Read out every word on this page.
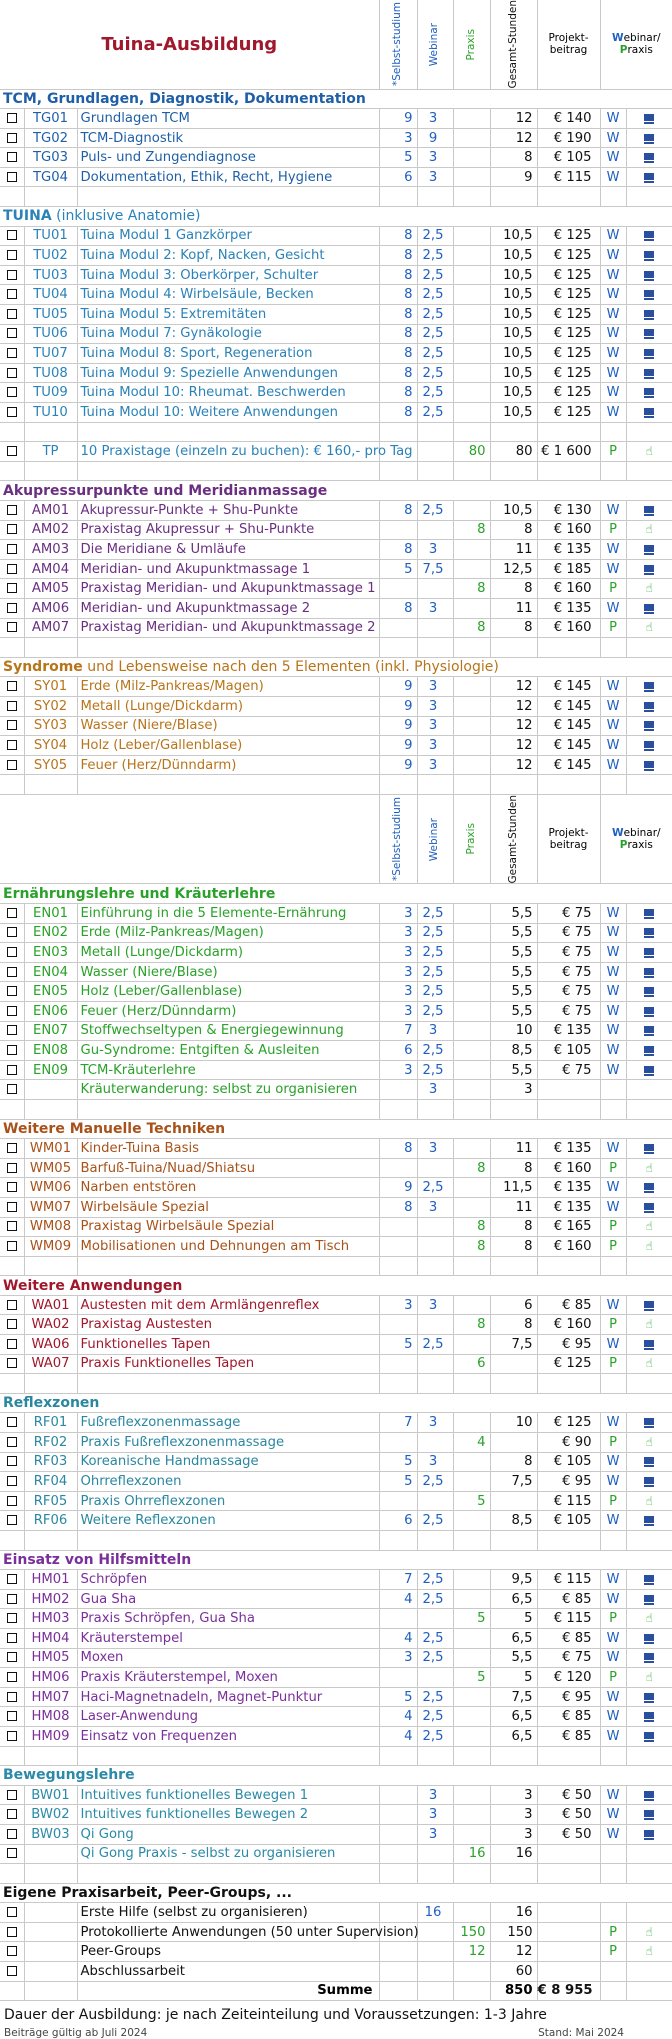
Tuina-Ausbildung			*Selbst-studium	Webinar	Praxis	Gesamt-Stunden	Projekt-
beitrag	Webinar/
Praxis	
TCM, Grundlagen, Diagnostik, Dokumentation									
	TG01	Grundlagen TCM	9	3		12	€ 140	W	
	TG02	TCM-Diagnostik	3	9		12	€ 190	W	
	TG03	Puls- und Zungendiagnose	5	3		8	€ 105	W	
	TG04	Dokumentation, Ethik, Recht, Hygiene	6	3		9	€ 115	W	

TUINA (inklusive Anatomie)									
	TU01	Tuina Modul 1 Ganzkörper	8	2,5		10,5	€ 125	W	
	TU02	Tuina Modul 2: Kopf, Nacken, Gesicht	8	2,5		10,5	€ 125	W	
	TU03	Tuina Modul 3: Oberkörper, Schulter	8	2,5		10,5	€ 125	W	
	TU04	Tuina Modul 4: Wirbelsäule, Becken	8	2,5		10,5	€ 125	W	
	TU05	Tuina Modul 5: Extremitäten	8	2,5		10,5	€ 125	W	
	TU06	Tuina Modul 7: Gynäkologie	8	2,5		10,5	€ 125	W	
	TU07	Tuina Modul 8: Sport, Regeneration	8	2,5		10,5	€ 125	W	
	TU08	Tuina Modul 9: Spezielle Anwendungen	8	2,5		10,5	€ 125	W	
	TU09	Tuina Modul 10: Rheumat. Beschwerden	8	2,5		10,5	€ 125	W	
	TU10	Tuina Modul 10: Weitere Anwendungen	8	2,5		10,5	€ 125	W	

	TP	10 Praxistage (einzeln zu buchen): € 160,- pro Tag			80	80	€ 1 600	P	☝

Akupressurpunkte und Meridianmassage									
	AM01	Akupressur-Punkte + Shu-Punkte	8	2,5		10,5	€ 130	W	
	AM02	Praxistag Akupressur + Shu-Punkte			8	8	€ 160	P	☝
	AM03	Die Meridiane & Umläufe	8	3		11	€ 135	W	
	AM04	Meridian- und Akupunktmassage 1	5	7,5		12,5	€ 185	W	
	AM05	Praxistag Meridian- und Akupunktmassage 1			8	8	€ 160	P	☝
	AM06	Meridian- und Akupunktmassage 2	8	3		11	€ 135	W	
	AM07	Praxistag Meridian- und Akupunktmassage 2			8	8	€ 160	P	☝

Syndrome und Lebensweise nach den 5 Elementen (inkl. Physiologie)									
	SY01	Erde (Milz-Pankreas/Magen)	9	3		12	€ 145	W	
	SY02	Metall (Lunge/Dickdarm)	9	3		12	€ 145	W	
	SY03	Wasser (Niere/Blase)	9	3		12	€ 145	W	
	SY04	Holz (Leber/Gallenblase)	9	3		12	€ 145	W	
	SY05	Feuer (Herz/Dünndarm)	9	3		12	€ 145	W	

			*Selbst-studium	Webinar	Praxis	Gesamt-Stunden	Projekt-
beitrag	Webinar/
Praxis	
Ernährungslehre und Kräuterlehre									
	EN01	Einführung in die 5 Elemente-Ernährung	3	2,5		5,5	€ 75	W	
	EN02	Erde (Milz-Pankreas/Magen)	3	2,5		5,5	€ 75	W	
	EN03	Metall (Lunge/Dickdarm)	3	2,5		5,5	€ 75	W	
	EN04	Wasser (Niere/Blase)	3	2,5		5,5	€ 75	W	
	EN05	Holz (Leber/Gallenblase)	3	2,5		5,5	€ 75	W	
	EN06	Feuer (Herz/Dünndarm)	3	2,5		5,5	€ 75	W	
	EN07	Stoffwechseltypen & Energiegewinnung	7	3		10	€ 135	W	
	EN08	Gu-Syndrome: Entgiften & Ausleiten	6	2,5		8,5	€ 105	W	
	EN09	TCM-Kräuterlehre	3	2,5		5,5	€ 75	W	
		Kräuterwanderung: selbst zu organisieren		3		3			

Weitere Manuelle Techniken									
	WM01	Kinder-Tuina Basis	8	3		11	€ 135	W	
	WM05	Barfuß-Tuina/Nuad/Shiatsu			8	8	€ 160	P	☝
	WM06	Narben entstören	9	2,5		11,5	€ 135	W	
	WM07	Wirbelsäule Spezial	8	3		11	€ 135	W	
	WM08	Praxistag Wirbelsäule Spezial			8	8	€ 165	P	☝
	WM09	Mobilisationen und Dehnungen am Tisch			8	8	€ 160	P	☝

Weitere Anwendungen									
	WA01	Austesten mit dem Armlängenreflex	3	3		6	€ 85	W	
	WA02	Praxistag Austesten			8	8	€ 160	P	☝
	WA06	Funktionelles Tapen	5	2,5		7,5	€ 95	W	
	WA07	Praxis Funktionelles Tapen			6		€ 125	P	☝

Reflexzonen									
	RF01	Fußreflexzonenmassage	7	3		10	€ 125	W	
	RF02	Praxis Fußreflexzonenmassage			4		€ 90	P	☝
	RF03	Koreanische Handmassage	5	3		8	€ 105	W	
	RF04	Ohrreflexzonen	5	2,5		7,5	€ 95	W	
	RF05	Praxis Ohrreflexzonen			5		€ 115	P	☝
	RF06	Weitere Reflexzonen	6	2,5		8,5	€ 105	W	

Einsatz von Hilfsmitteln									
	HM01	Schröpfen	7	2,5		9,5	€ 115	W	
	HM02	Gua Sha	4	2,5		6,5	€ 85	W	
	HM03	Praxis Schröpfen, Gua Sha			5	5	€ 115	P	☝
	HM04	Kräuterstempel	4	2,5		6,5	€ 85	W	
	HM05	Moxen	3	2,5		5,5	€ 75	W	
	HM06	Praxis Kräuterstempel, Moxen			5	5	€ 120	P	☝
	HM07	Haci-Magnetnadeln, Magnet-Punktur	5	2,5		7,5	€ 95	W	
	HM08	Laser-Anwendung	4	2,5		6,5	€ 85	W	
	HM09	Einsatz von Frequenzen	4	2,5		6,5	€ 85	W	

Bewegungslehre									
	BW01	Intuitives funktionelles Bewegen 1		3		3	€ 50	W	
	BW02	Intuitives funktionelles Bewegen 2		3		3	€ 50	W	
	BW03	Qi Gong		3		3	€ 50	W	
		Qi Gong Praxis - selbst zu organisieren			16	16			

Eigene Praxisarbeit, Peer-Groups, ...									
		Erste Hilfe (selbst zu organisieren)		16		16			
		Protokollierte Anwendungen (50 unter Supervision)			150	150		P	☝
		Peer-Groups			12	12		P	☝
		Abschlussarbeit				60			
		Summe				850	€ 8 955		
Dauer der Ausbildung: je nach Zeiteinteilung und Voraussetzungen: 1-3 Jahre
Beiträge gültig ab Juli 2024	Stand: Mai 2024
